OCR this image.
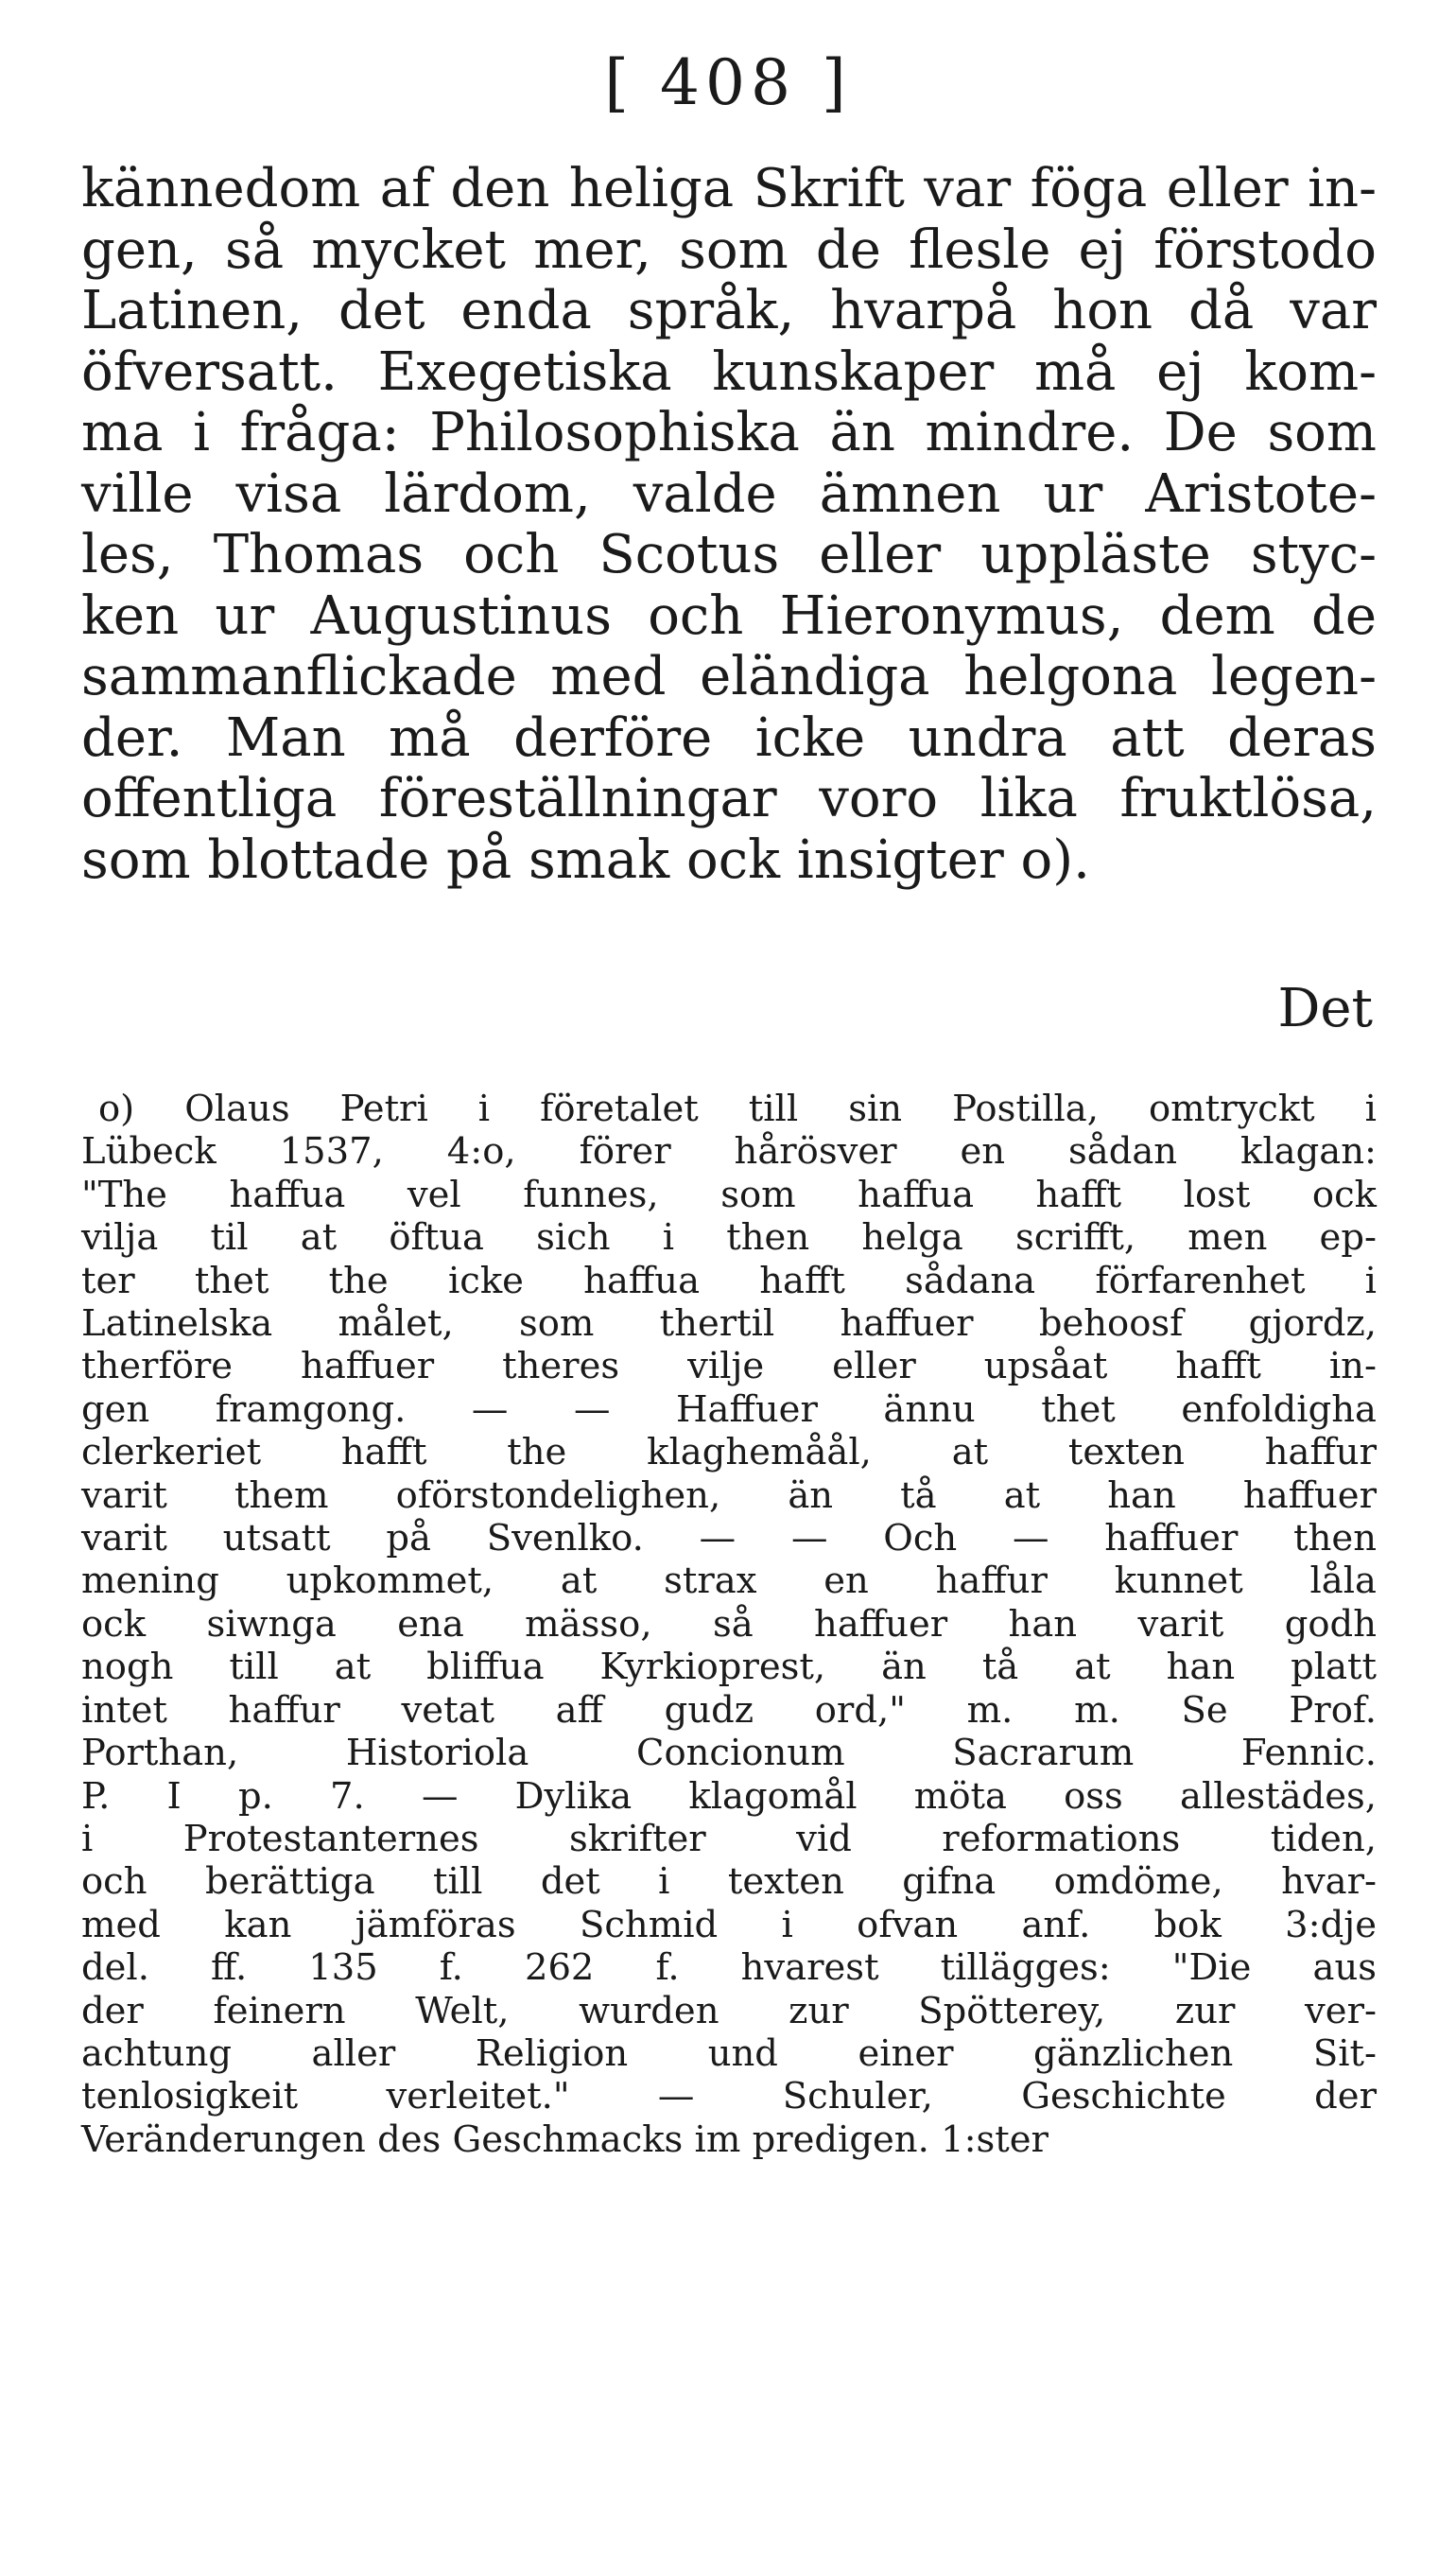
[ 408 ]
kännedom af den heliga Skrift var föga eller in-
gen, så mycket mer, som de flesle ej förstodo
Latinen, det enda språk, hvarpå hon då var
öfversatt. Exegetiska kunskaper må ej kom-
ma i fråga: Philosophiska än mindre. De som
ville visa lärdom, valde ämnen ur Aristote-
les, Thomas och Scotus eller uppläste styc-
ken ur Augustinus och Hieronymus, dem de
sammanflickade med eländiga helgona legen-
der. Man må derföre icke undra att deras
offentliga föreställningar voro lika fruktlösa,
som blottade på smak ock insigter o).
Det
o) Olaus Petri i företalet till sin Postilla, omtryckt i
Lübeck 1537, 4:o, förer hårösver en sådan klagan:
"The haffua vel funnes, som haffua hafft lost ock
vilja til at öftua sich i then helga scrifft, men ep-
ter thet the icke haffua hafft sådana förfarenhet i
Latinelska målet, som thertil haffuer behoosf gjordz,
therföre haffuer theres vilje eller upsåat hafft in-
gen framgong. — — Haffuer ännu thet enfoldigha
clerkeriet hafft the klaghemåål, at texten haffur
varit them oförstondelighen, än tå at han haffuer
varit utsatt på Svenlko. — — Och — haffuer then
mening upkommet, at strax en haffur kunnet låla
ock siwnga ena mässo, så haffuer han varit godh
nogh till at bliffua Kyrkioprest, än tå at han platt
intet haffur vetat aff gudz ord," m. m. Se Prof.
Porthan, Historiola Concionum Sacrarum Fennic.
P. I p. 7. — Dylika klagomål möta oss allestädes,
i Protestanternes skrifter vid reformations tiden,
och berättiga till det i texten gifna omdöme, hvar-
med kan jämföras Schmid i ofvan anf. bok 3:dje
del. ff. 135 f. 262 f. hvarest tillägges: "Die aus
der feinern Welt, wurden zur Spötterey, zur ver-
achtung aller Religion und einer gänzlichen Sit-
tenlosigkeit verleitet." — Schuler, Geschichte der
Veränderungen des Geschmacks im predigen. 1:ster
